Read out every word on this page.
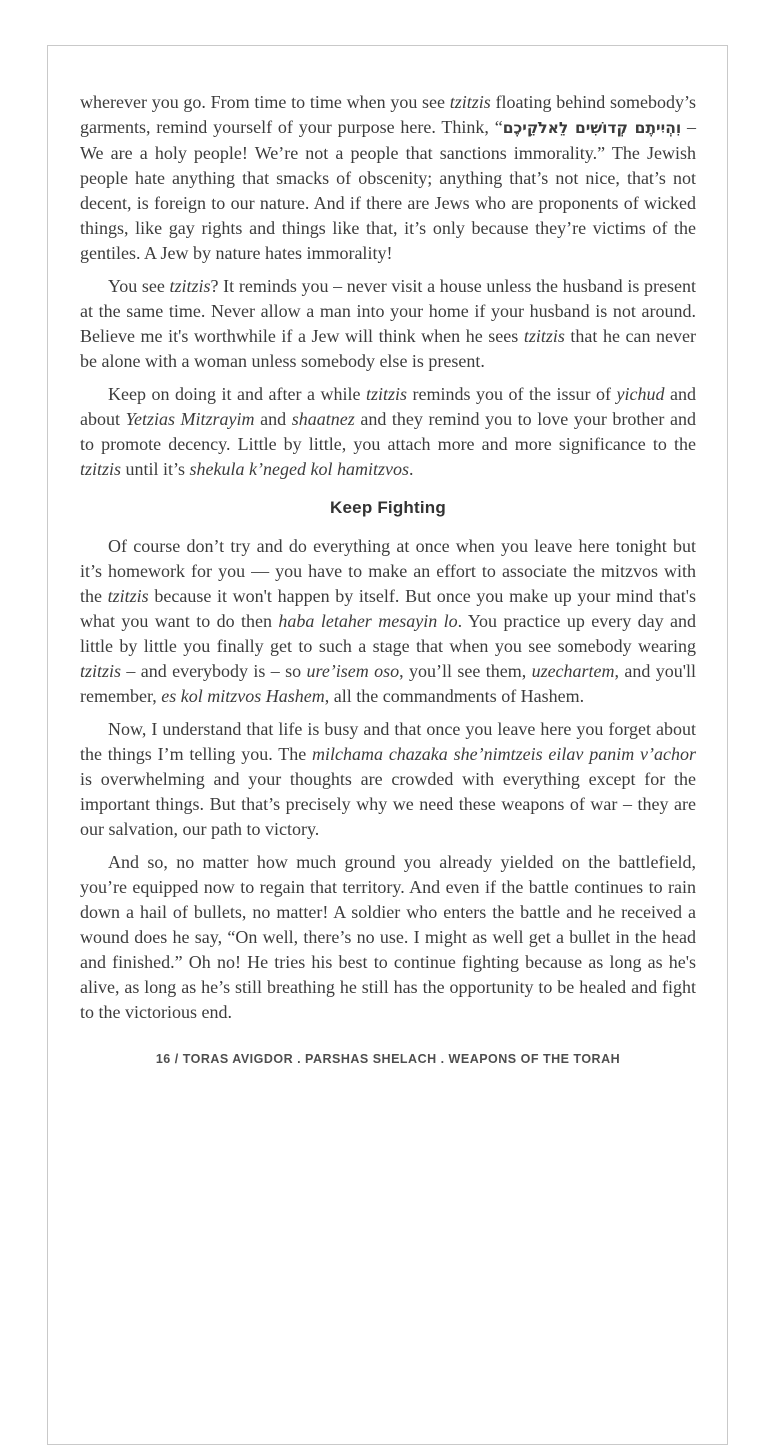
wherever you go. From time to time when you see tzitzis floating behind somebody’s garments, remind yourself of your purpose here. Think, “וִהְיִיתֶם קְדוֹשִׁים לֵאלֹקֵיכֶם – We are a holy people! We’re not a people that sanctions immorality.” The Jewish people hate anything that smacks of obscenity; anything that’s not nice, that’s not decent, is foreign to our nature. And if there are Jews who are proponents of wicked things, like gay rights and things like that, it’s only because they’re victims of the gentiles. A Jew by nature hates immorality!

You see tzitzis? It reminds you – never visit a house unless the husband is present at the same time. Never allow a man into your home if your husband is not around. Believe me it's worthwhile if a Jew will think when he sees tzitzis that he can never be alone with a woman unless somebody else is present.

Keep on doing it and after a while tzitzis reminds you of the issur of yichud and about Yetzias Mitzrayim and shaatnez and they remind you to love your brother and to promote decency. Little by little, you attach more and more significance to the tzitzis until it’s shekula k’neged kol hamitzvos.

Keep Fighting

Of course don’t try and do everything at once when you leave here tonight but it’s homework for you — you have to make an effort to associate the mitzvos with the tzitzis because it won't happen by itself. But once you make up your mind that's what you want to do then haba letaher mesayin lo. You practice up every day and little by little you finally get to such a stage that when you see somebody wearing tzitzis – and everybody is – so ure’isem oso, you’ll see them, uzechartem, and you'll remember, es kol mitzvos Hashem, all the commandments of Hashem.

Now, I understand that life is busy and that once you leave here you forget about the things I’m telling you. The milchama chazaka she’nimtzeis eilav panim v’achor is overwhelming and your thoughts are crowded with everything except for the important things. But that’s precisely why we need these weapons of war – they are our salvation, our path to victory.

And so, no matter how much ground you already yielded on the battlefield, you’re equipped now to regain that territory. And even if the battle continues to rain down a hail of bullets, no matter! A soldier who enters the battle and he received a wound does he say, “On well, there’s no use. I might as well get a bullet in the head and finished.” Oh no! He tries his best to continue fighting because as long as he's alive, as long as he’s still breathing he still has the opportunity to be healed and fight to the victorious end.

16 / TORAS AVIGDOR . PARSHAS SHELACH . WEAPONS OF THE TORAH
